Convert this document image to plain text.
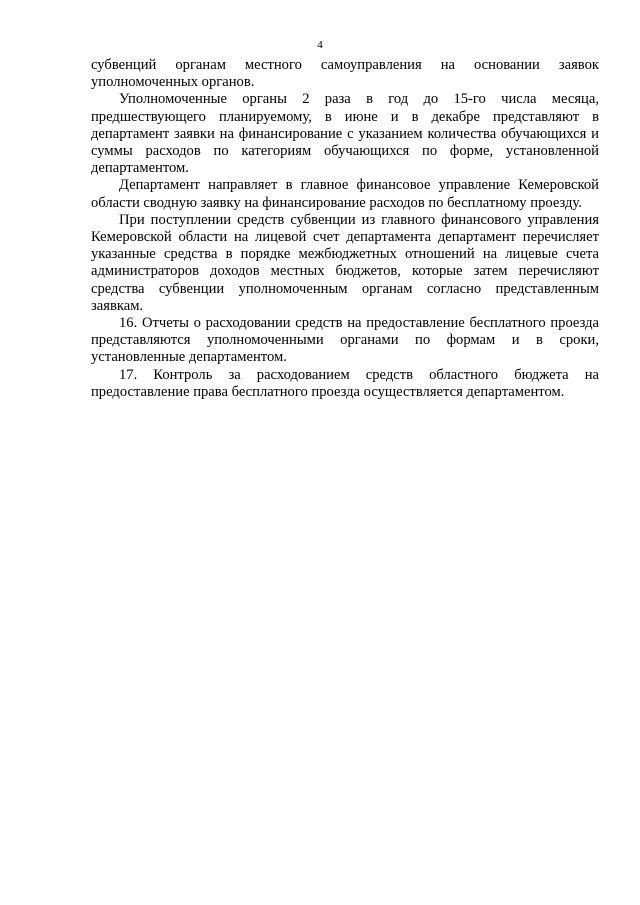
4

субвенций органам местного самоуправления на основании заявок уполномоченных органов.

Уполномоченные органы 2 раза в год до 15-го числа месяца, предшествующего планируемому, в июне и в декабре представляют в департамент заявки на финансирование с указанием количества обучающихся и суммы расходов по категориям обучающихся по форме, установленной департаментом.

Департамент направляет в главное финансовое управление Кемеровской области сводную заявку на финансирование расходов по бесплатному проезду.

При поступлении средств субвенции из главного финансового управления Кемеровской области на лицевой счет департамента департамент перечисляет указанные средства в порядке межбюджетных отношений на лицевые счета администраторов доходов местных бюджетов, которые затем перечисляют средства субвенции уполномоченным органам согласно представленным заявкам.

16. Отчеты о расходовании средств на предоставление бесплатного проезда представляются уполномоченными органами по формам и в сроки, установленные департаментом.

17. Контроль за расходованием средств областного бюджета на предоставление права бесплатного проезда осуществляется департаментом.
